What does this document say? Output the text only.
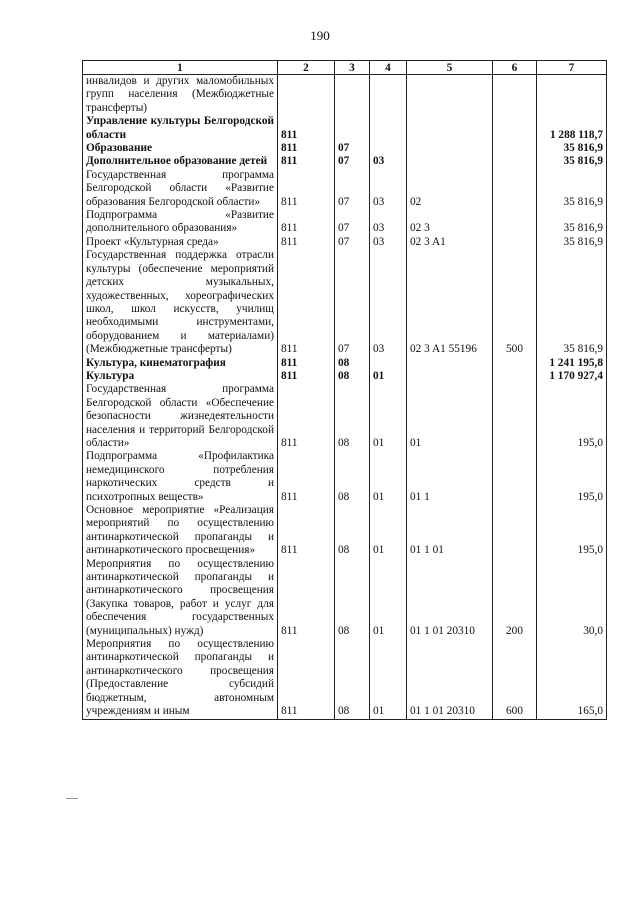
190
1	2	3	4	5	6	7
инвалидов и других маломобильных групп населения (Межбюджетные трансферты)						
Управление культуры Белгородской области	811					1 288 118,7
Образование	811	07				35 816,9
Дополнительное образование детей	811	07	03			35 816,9
Государственная программа Белгородской области «Развитие образования Белгородской области»	811	07	03	02		35 816,9
Подпрограмма «Развитие дополнительного образования»	811	07	03	02 3		35 816,9
Проект «Культурная среда»	811	07	03	02 3 A1		35 816,9
Государственная поддержка отрасли культуры (обеспечение мероприятий детских музыкальных, художественных, хореографических школ, школ искусств, училищ необходимыми инструментами, оборудованием и материалами) (Межбюджетные трансферты)	811	07	03	02 3 A1 55196	500	35 816,9
Культура, кинематография	811	08				1 241 195,8
Культура	811	08	01			1 170 927,4
Государственная программа Белгородской области «Обеспечение безопасности жизнедеятельности населения и территорий Белгородской области»	811	08	01	01		195,0
Подпрограмма «Профилактика немедицинского потребления наркотических средств и психотропных веществ»	811	08	01	01 1		195,0
Основное мероприятие «Реализация мероприятий по осуществлению антинаркотической пропаганды и антинаркотического просвещения»	811	08	01	01 1 01		195,0
Мероприятия по осуществлению антинаркотической пропаганды и антинаркотического просвещения (Закупка товаров, работ и услуг для обеспечения государственных (муниципальных) нужд)	811	08	01	01 1 01 20310	200	30,0
Мероприятия по осуществлению антинаркотической пропаганды и антинаркотического просвещения (Предоставление субсидий бюджетным, автономным учреждениям и иным	811	08	01	01 1 01 20310	600	165,0
